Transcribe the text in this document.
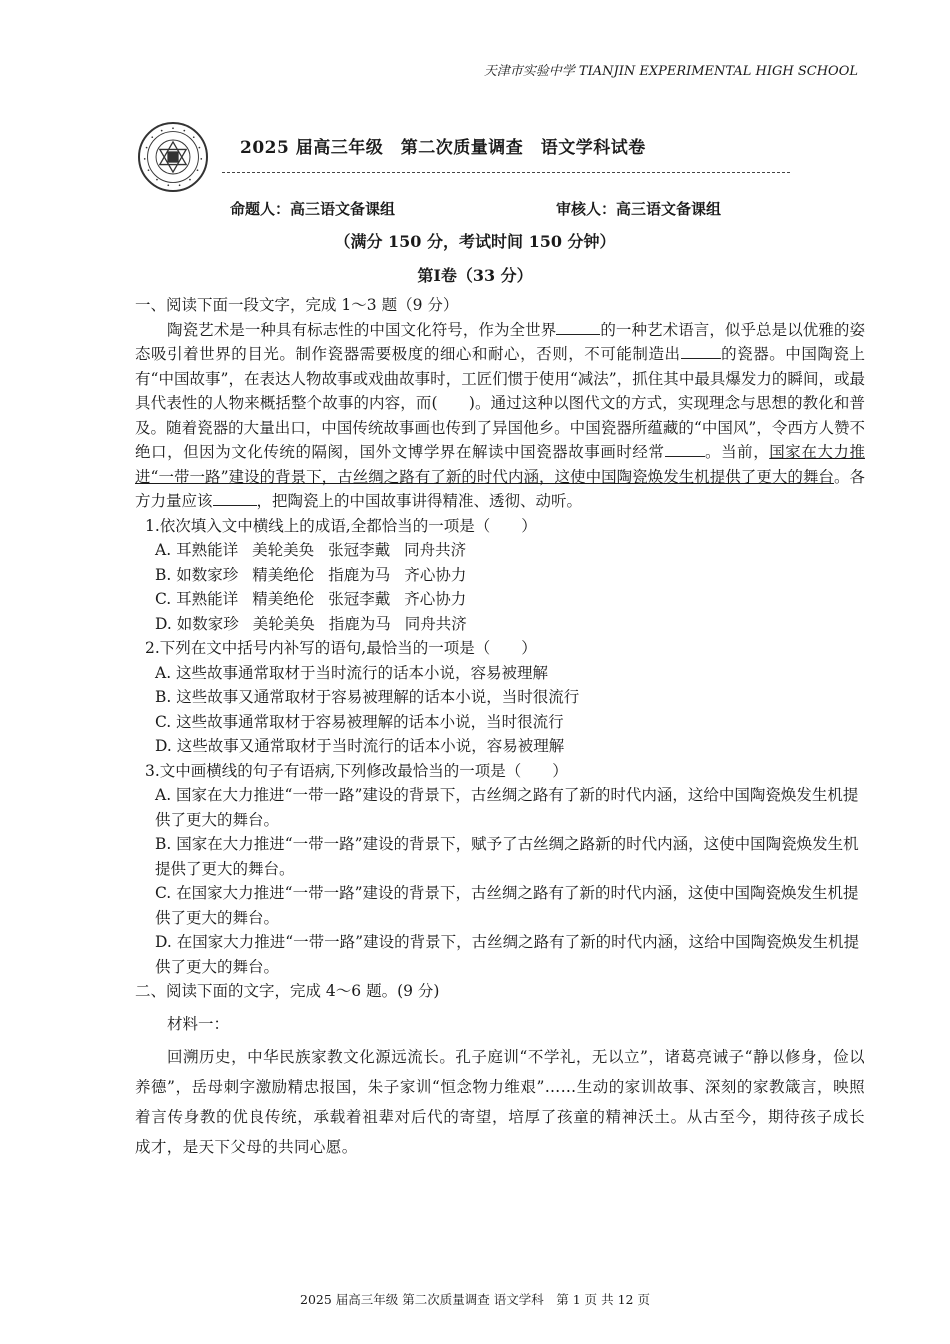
天津市实验中学 TIANJIN EXPERIMENTAL HIGH SCHOOL
2025 届高三年级　第二次质量调查　语文学科试卷
命题人：高三语文备课组	审核人：高三语文备课组
（满分 150 分，考试时间 150 分钟）
第Ⅰ卷（33 分）

一、阅读下面一段文字，完成 1～3 题（9 分）

陶瓷艺术是一种具有标志性的中国文化符号，作为全世界	的一种艺术语言，似乎总是以优雅的姿态吸引着世界的目光。制作瓷器需要极度的细心和耐心，否则，不可能制造出	的瓷器。中国陶瓷上有“中国故事”，在表达人物故事或戏曲故事时，工匠们惯于使用“减法”，抓住其中最具爆发力的瞬间，或最具代表性的人物来概括整个故事的内容，而(　　)。通过这种以图代文的方式，实现理念与思想的教化和普及。随着瓷器的大量出口，中国传统故事画也传到了异国他乡。中国瓷器所蕴藏的“中国风”，令西方人赞不绝口，但因为文化传统的隔阂，国外文博学界在解读中国瓷器故事画时经常	。当前，国家在大力推进“一带一路”建设的背景下，古丝绸之路有了新的时代内涵，这使中国陶瓷焕发生机提供了更大的舞台。各方力量应该	，把陶瓷上的中国故事讲得精准、透彻、动听。

1.依次填入文中横线上的成语,全都恰当的一项是（　　）

A. 耳熟能详 美轮美奂 张冠李戴 同舟共济
B. 如数家珍 精美绝伦 指鹿为马 齐心协力
C. 耳熟能详 精美绝伦 张冠李戴 齐心协力
D. 如数家珍 美轮美奂 指鹿为马 同舟共济

2.下列在文中括号内补写的语句,最恰当的一项是（　　）

A. 这些故事通常取材于当时流行的话本小说，容易被理解
B. 这些故事又通常取材于容易被理解的话本小说，当时很流行
C. 这些故事通常取材于容易被理解的话本小说，当时很流行
D. 这些故事又通常取材于当时流行的话本小说，容易被理解

3.文中画横线的句子有语病,下列修改最恰当的一项是（　　）

A. 国家在大力推进“一带一路”建设的背景下，古丝绸之路有了新的时代内涵，这给中国陶瓷焕发生机提供了更大的舞台。
B. 国家在大力推进“一带一路”建设的背景下，赋予了古丝绸之路新的时代内涵，这使中国陶瓷焕发生机提供了更大的舞台。
C. 在国家大力推进“一带一路”建设的背景下，古丝绸之路有了新的时代内涵，这使中国陶瓷焕发生机提供了更大的舞台。
D. 在国家大力推进“一带一路”建设的背景下，古丝绸之路有了新的时代内涵，这给中国陶瓷焕发生机提供了更大的舞台。

二、阅读下面的文字，完成 4～6 题。(9 分)

材料一：

回溯历史，中华民族家教文化源远流长。孔子庭训“不学礼，无以立”，诸葛亮诫子“静以修身，俭以养德”，岳母刺字激励精忠报国，朱子家训“恒念物力维艰”……生动的家训故事、深刻的家教箴言，映照着言传身教的优良传统，承载着祖辈对后代的寄望，培厚了孩童的精神沃土。从古至今，期待孩子成长成才，是天下父母的共同心愿。

2025 届高三年级 第二次质量调查 语文学科　第 1 页 共 12 页
